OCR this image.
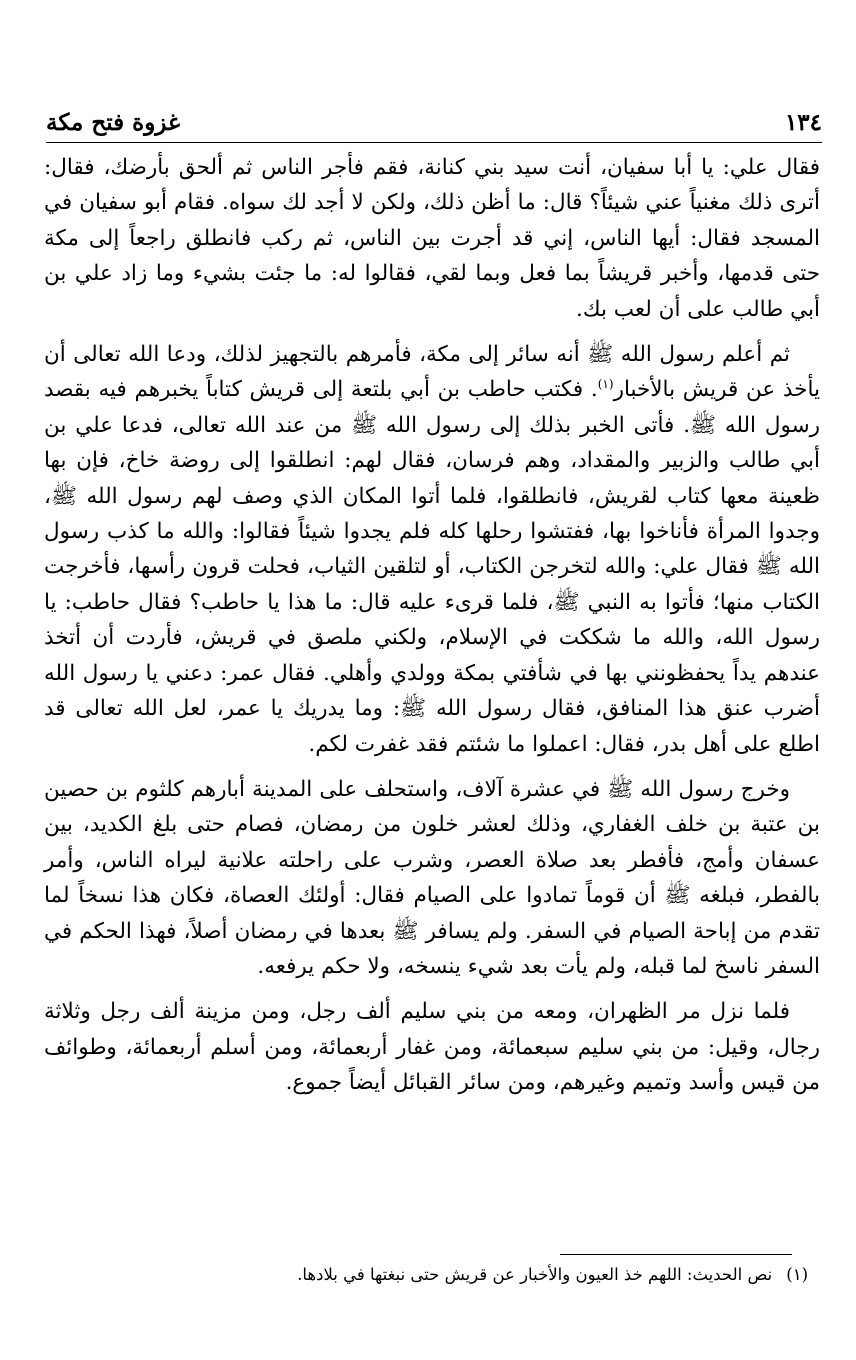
١٣٤
غزوة فتح مكة

فقال علي: يا أبا سفيان، أنت سيد بني كنانة، فقم فأجر الناس ثم ألحق بأرضك، فقال: أترى ذلك مغنياً عني شيئاً؟ قال: ما أظن ذلك، ولكن لا أجد لك سواه. فقام أبو سفيان في المسجد فقال: أيها الناس، إني قد أجرت بين الناس، ثم ركب فانطلق راجعاً إلى مكة حتى قدمها، وأخبر قريشاً بما فعل وبما لقي، فقالوا له: ما جئت بشيء وما زاد علي بن أبي طالب على أن لعب بك.

ثم أعلم رسول الله ﷺ أنه سائر إلى مكة، فأمرهم بالتجهيز لذلك، ودعا الله تعالى أن يأخذ عن قريش بالأخبار$^{(١)}$. فكتب حاطب بن أبي بلتعة إلى قريش كتاباً يخبرهم فيه بقصد رسول الله ﷺ. فأتى الخبر بذلك إلى رسول الله ﷺ من عند الله تعالى، فدعا علي بن أبي طالب والزبير والمقداد، وهم فرسان، فقال لهم: انطلقوا إلى روضة خاخ، فإن بها ظعينة معها كتاب لقريش، فانطلقوا، فلما أتوا المكان الذي وصف لهم رسول الله ﷺ، وجدوا المرأة فأناخوا بها، ففتشوا رحلها كله فلم يجدوا شيئاً فقالوا: والله ما كذب رسول الله ﷺ فقال علي: والله لتخرجن الكتاب، أو لتلقين الثياب، فحلت قرون رأسها، فأخرجت الكتاب منها؛ فأتوا به النبي ﷺ، فلما قرىء عليه قال: ما هذا يا حاطب؟ فقال حاطب: يا رسول الله، والله ما شككت في الإسلام، ولكني ملصق في قريش، فأردت أن أتخذ عندهم يداً يحفظونني بها في شأفتي بمكة وولدي وأهلي. فقال عمر: دعني يا رسول الله أضرب عنق هذا المنافق، فقال رسول الله ﷺ: وما يدريك يا عمر، لعل الله تعالى قد اطلع على أهل بدر، فقال: اعملوا ما شئتم فقد غفرت لكم.

وخرج رسول الله ﷺ في عشرة آلاف، واستحلف على المدينة أبارهم كلثوم بن حصين بن عتبة بن خلف الغفاري، وذلك لعشر خلون من رمضان، فصام حتى بلغ الكديد، بين عسفان وأمج، فأفطر بعد صلاة العصر، وشرب على راحلته علانية ليراه الناس، وأمر بالفطر، فبلغه ﷺ أن قوماً تمادوا على الصيام فقال: أولئك العصاة، فكان هذا نسخاً لما تقدم من إباحة الصيام في السفر. ولم يسافر ﷺ بعدها في رمضان أصلاً، فهذا الحكم في السفر ناسخ لما قبله، ولم يأت بعد شيء ينسخه، ولا حكم يرفعه.

فلما نزل مر الظهران، ومعه من بني سليم ألف رجل، ومن مزينة ألف رجل وثلاثة رجال، وقيل: من بني سليم سبعمائة، ومن غفار أربعمائة، ومن أسلم أربعمائة، وطوائف من قيس وأسد وتميم وغيرهم، ومن سائر القبائل أيضاً جموع.

(١)نص الحديث: اللهم خذ العيون والأخبار عن قريش حتى نبغتها في بلادها.
